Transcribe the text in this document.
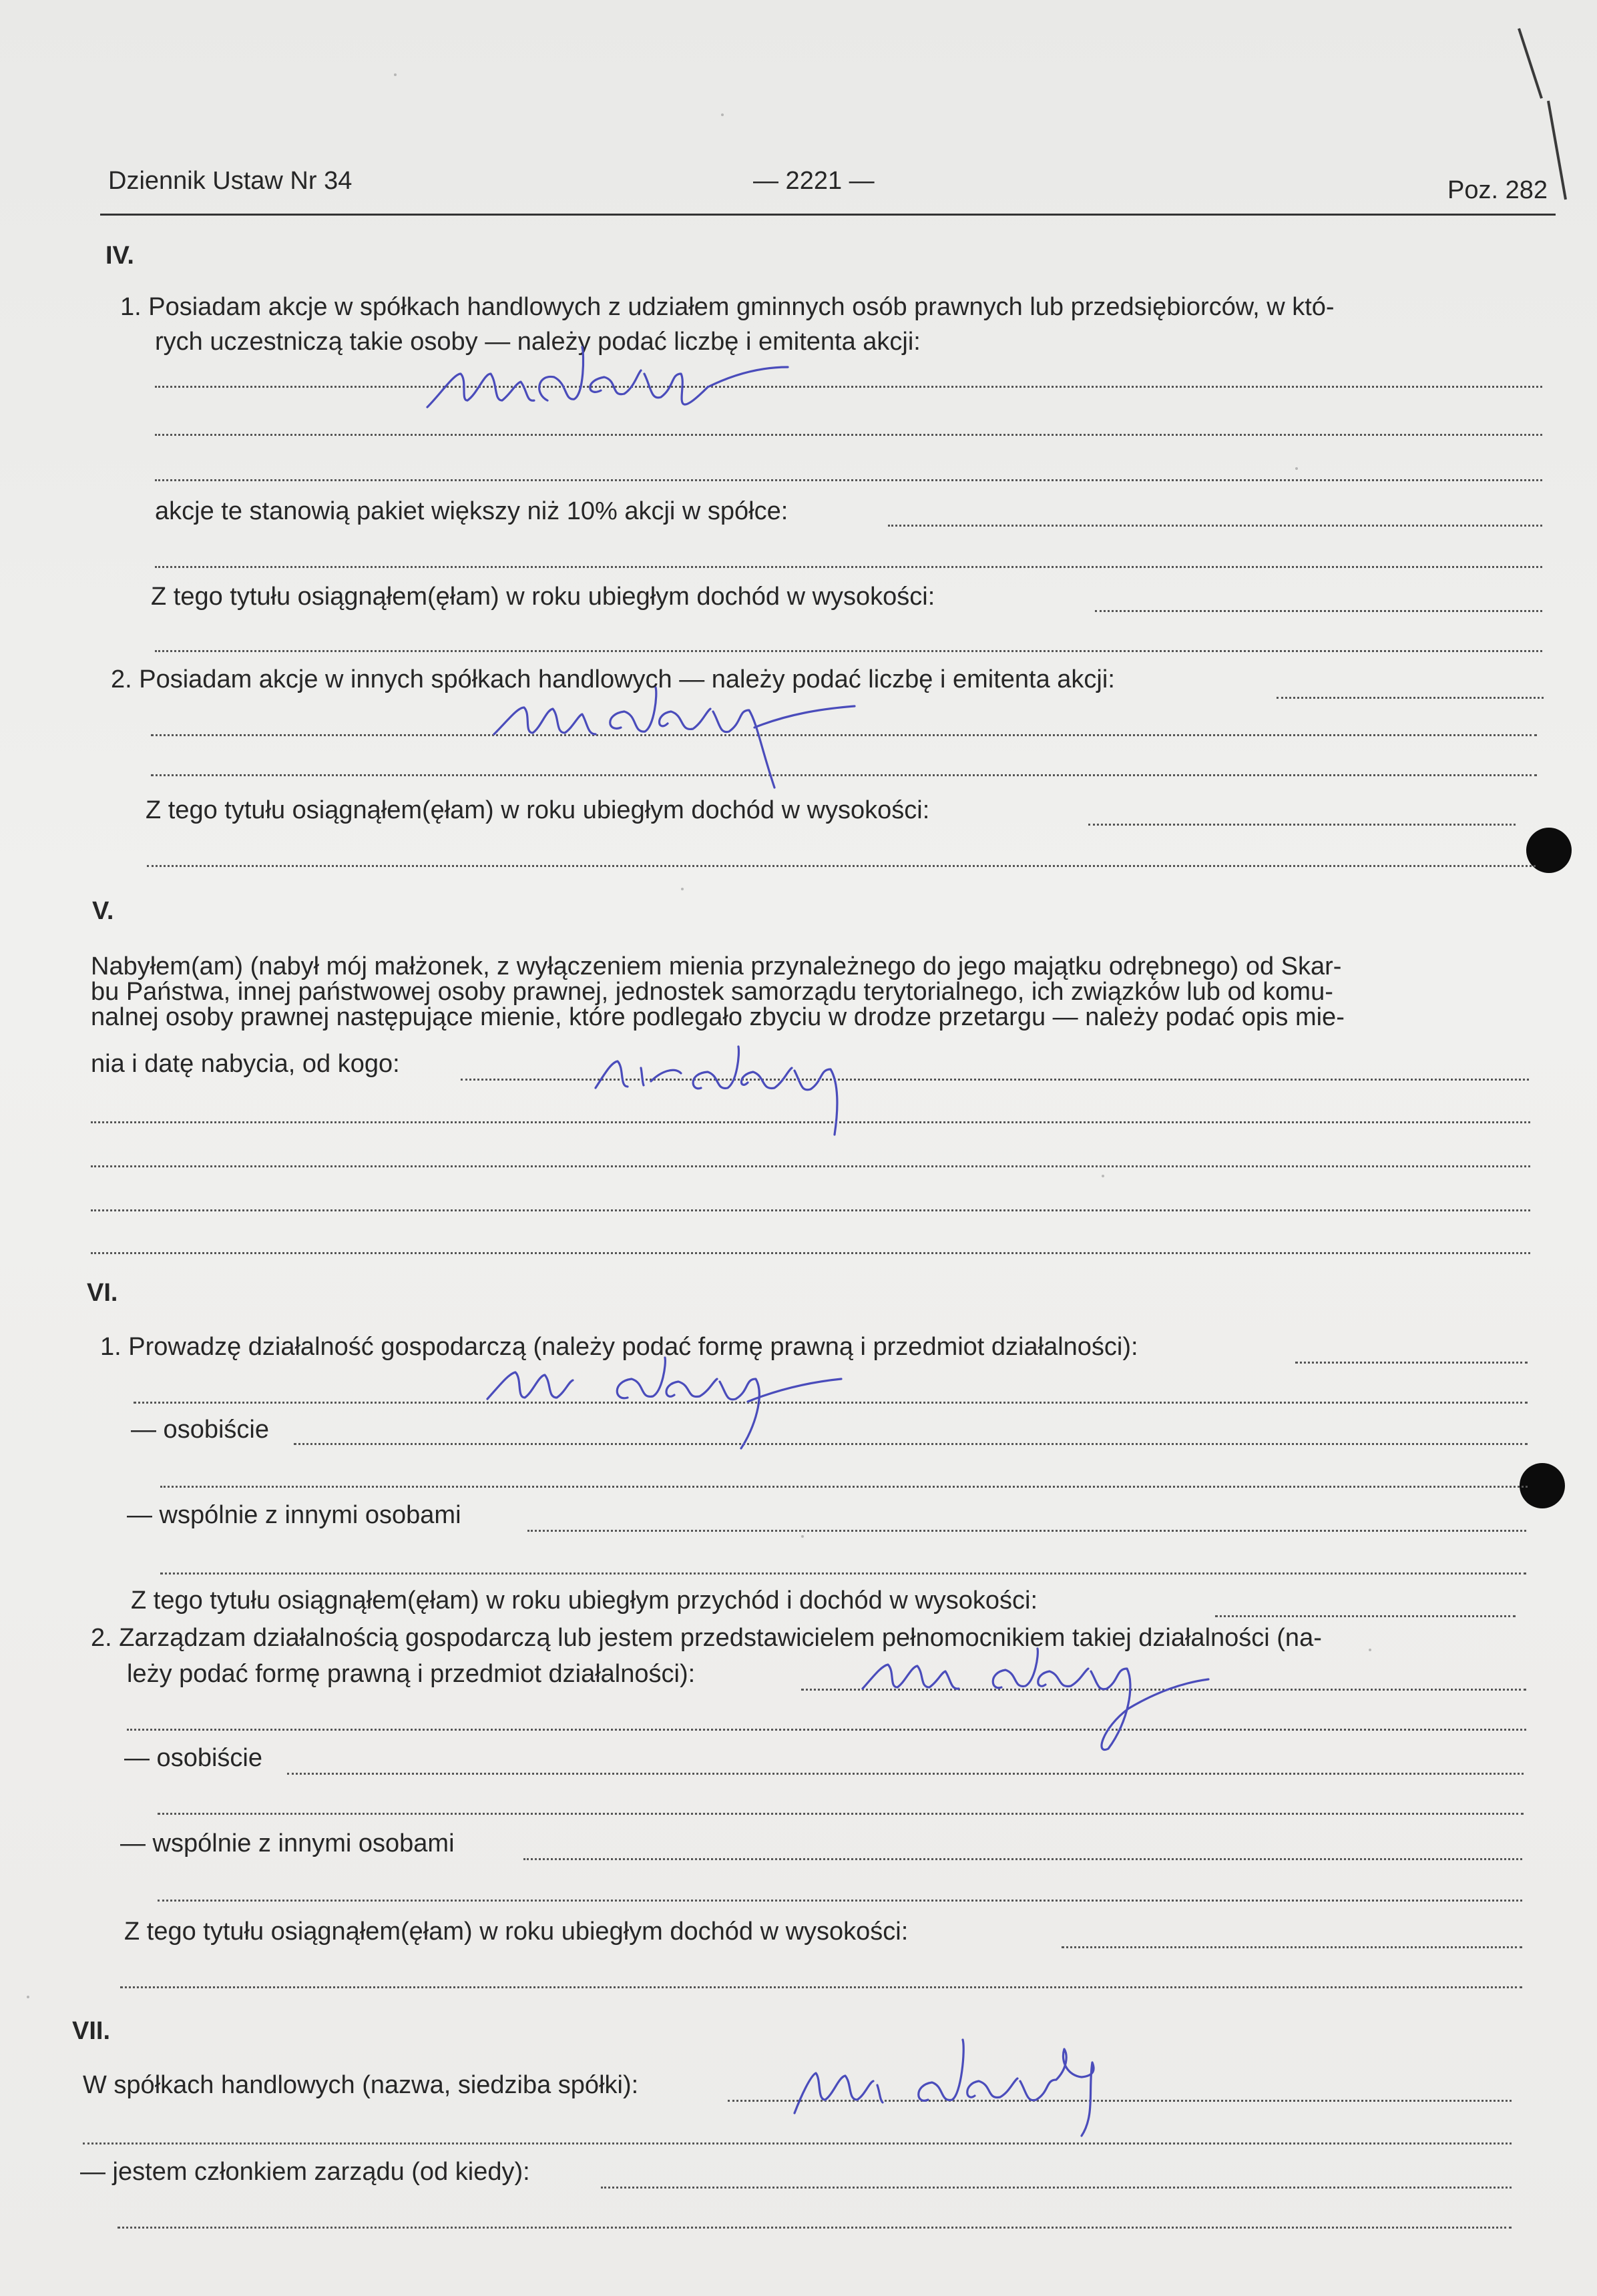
Dziennik Ustaw Nr 34	— 2221 —	Poz. 282
IV.
1. Posiadam akcje w spółkach handlowych z udziałem gminnych osób prawnych lub przedsiębiorców, w któ-
rych uczestniczą takie osoby — należy podać liczbę i emitenta akcji:
akcje te stanowią pakiet większy niż 10% akcji w spółce:
Z tego tytułu osiągnąłem(ęłam) w roku ubiegłym dochód w wysokości:
2. Posiadam akcje w innych spółkach handlowych — należy podać liczbę i emitenta akcji:
Z tego tytułu osiągnąłem(ęłam) w roku ubiegłym dochód w wysokości:
V.
Nabyłem(am) (nabył mój małżonek, z wyłączeniem mienia przynależnego do jego majątku odrębnego) od Skar-
bu Państwa, innej państwowej osoby prawnej, jednostek samorządu terytorialnego, ich związków lub od komu-
nalnej osoby prawnej następujące mienie, które podlegało zbyciu w drodze przetargu — należy podać opis mie-
nia i datę nabycia, od kogo:
VI.
1. Prowadzę działalność gospodarczą (należy podać formę prawną i przedmiot działalności):
— osobiście
— wspólnie z innymi osobami
Z tego tytułu osiągnąłem(ęłam) w roku ubiegłym przychód i dochód w wysokości:
2. Zarządzam działalnością gospodarczą lub jestem przedstawicielem pełnomocnikiem takiej działalności (na-
leży podać formę prawną i przedmiot działalności):
— osobiście
— wspólnie z innymi osobami
Z tego tytułu osiągnąłem(ęłam) w roku ubiegłym dochód w wysokości:
VII.
W spółkach handlowych (nazwa, siedziba spółki):
— jestem członkiem zarządu (od kiedy):
